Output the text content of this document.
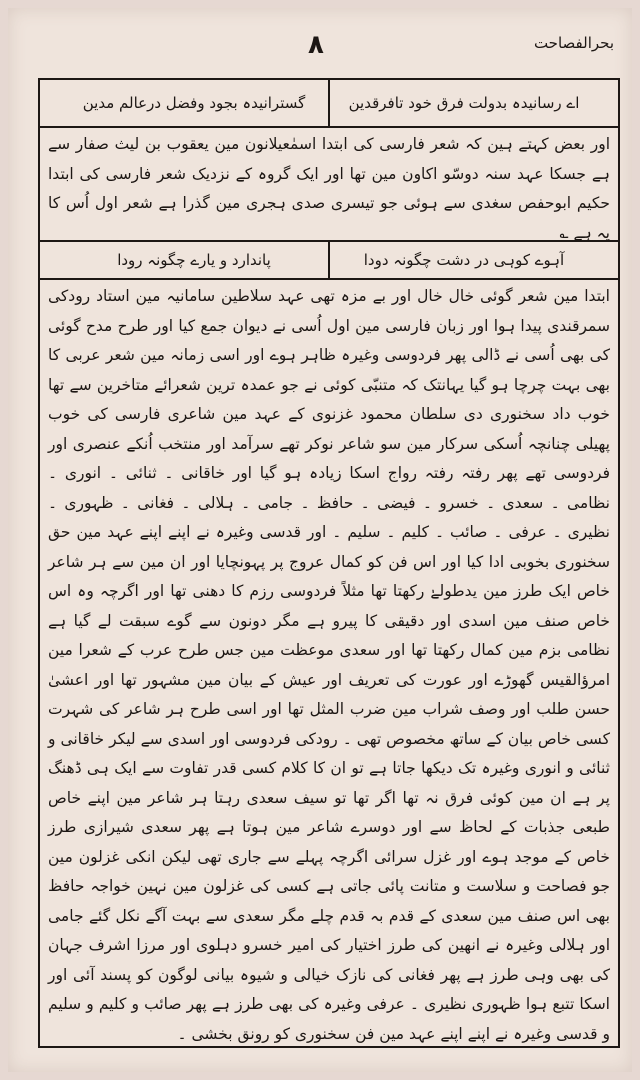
بحرالفصاحت
۸
اے رسانیدہ بدولت فرق خود تافرقدین
گسترانیدہ بجود وفضل درعالم مدین

اور بعض کہتے ہین کہ شعر فارسی کی ابتدا اسمٰعیلانون مین یعقوب بن لیث صفار سے ہے جسکا عہد سنہ دوسّو اکاون مین تھا اور ایک گروہ کے نزدیک شعر فارسی کی ابتدا حکیم ابوحفص سغدی سے ہوئی جو تیسری صدی ہجری مین گذرا ہے شعر اول اُس کا یہ ہے ؎

آہوے کوہی در دشت چگونہ دودا
پاندارد و یارے چگونہ رودا

ابتدا مین شعر گوئی خال خال اور بے مزہ تھی عہد سلاطین سامانیہ مین استاد رودکی سمرقندی پیدا ہوا اور زبان فارسی مین اول اُسی نے دیوان جمع کیا اور طرح مدح گوئی کی بھی اُسی نے ڈالی پھر فردوسی وغیرہ ظاہر ہوے اور اسی زمانہ مین شعر عربی کا بھی بہت چرچا ہو گیا یہانتک کہ متنبّی کوئی نے جو عمدہ ترین شعرائے متاخرین سے تھا خوب داد سخنوری دی سلطان محمود غزنوی کے عہد مین شاعری فارسی کی خوب پھیلی چنانچہ اُسکی سرکار مین سو شاعر نوکر تھے سرآمد اور منتخب اُنکے عنصری اور فردوسی تھے پھر رفتہ رفتہ رواج اسکا زیادہ ہو گیا اور خاقانی ۔ ثنائی ۔ انوری ۔ نظامی ۔ سعدی ۔ خسرو ۔ فیضی ۔ حافظ ۔ جامی ۔ ہلالی ۔ فغانی ۔ ظہوری ۔ نظیری ۔ عرفی ۔ صائب ۔ کلیم ۔ سلیم ۔ اور قدسی وغیرہ نے اپنے اپنے عہد مین حق سخنوری بخوبی ادا کیا اور اس فن کو کمال عروج پر پہونچایا اور ان مین سے ہر شاعر خاص ایک طرز مین یدطولےٰ رکھتا تھا مثلاً فردوسی رزم کا دھنی تھا اور اگرچہ وہ اس خاص صنف مین اسدی اور دقیقی کا پیرو ہے مگر دونون سے گوے سبقت لے گیا ہے نظامی بزم مین کمال رکھتا تھا اور سعدی موعظت مین جس طرح عرب کے شعرا مین امرؤالقیس گھوڑے اور عورت کی تعریف اور عیش کے بیان مین مشہور تھا اور اعشیٰ حسن طلب اور وصف شراب مین ضرب المثل تھا اور اسی طرح ہر شاعر کی شہرت کسی خاص بیان کے ساتھ مخصوص تھی ۔ رودکی فردوسی اور اسدی سے لیکر خاقانی و ثنائی و انوری وغیرہ تک دیکھا جاتا ہے تو ان کا کلام کسی قدر تفاوت سے ایک ہی ڈھنگ پر ہے ان مین کوئی فرق نہ تھا اگر تھا تو سیف سعدی رہتا ہر شاعر مین اپنے خاص طبعی جذبات کے لحاظ سے اور دوسرے شاعر مین ہوتا ہے پھر سعدی شیرازی طرز خاص کے موجد ہوے اور غزل سرائی اگرچہ پہلے سے جاری تھی لیکن انکی غزلون مین جو فصاحت و سلاست و متانت پائی جاتی ہے کسی کی غزلون مین نہین خواجہ حافظ بھی اس صنف مین سعدی کے قدم بہ قدم چلے مگر سعدی سے بہت آگے نکل گئے جامی اور ہلالی وغیرہ نے انھین کی طرز اختیار کی امیر خسرو دہلوی اور مرزا اشرف جہان کی بھی وہی طرز ہے پھر فغانی کی نازک خیالی و شیوہ بیانی لوگون کو پسند آئی اور اسکا تتبع ہوا ظہوری نظیری ۔ عرفی وغیرہ کی بھی طرز ہے پھر صائب و کلیم و سلیم و قدسی وغیرہ نے اپنے اپنے عہد مین فن سخنوری کو رونق بخشی ۔
